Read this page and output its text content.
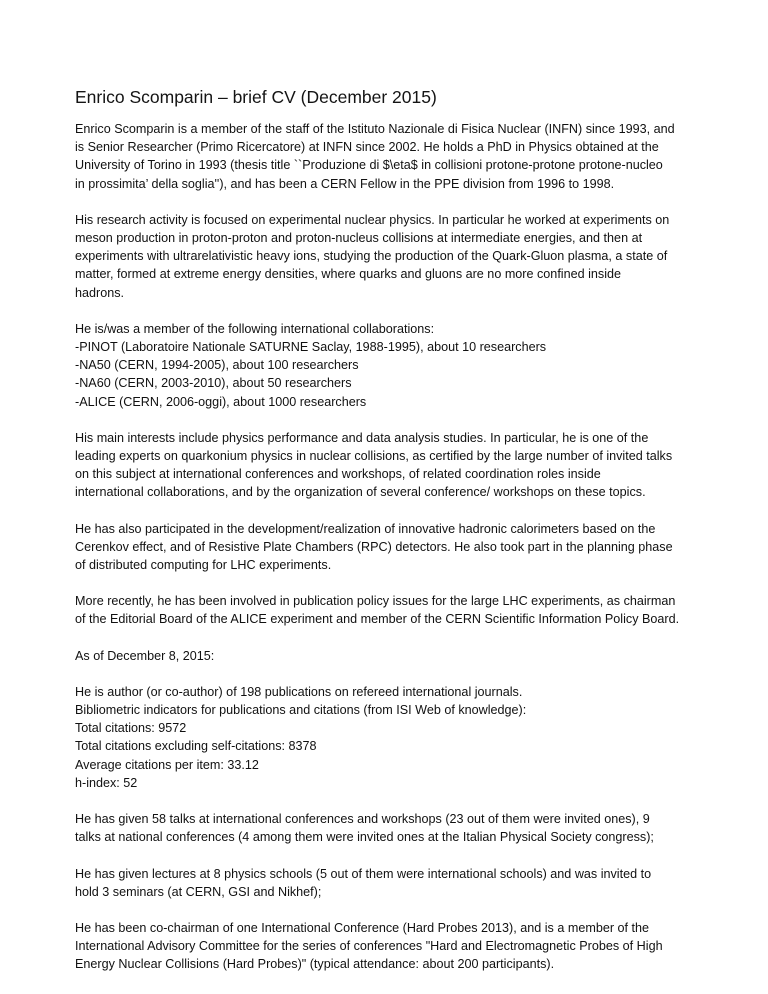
Enrico Scomparin – brief CV (December 2015)

Enrico Scomparin is a member of the staff of the Istituto Nazionale di Fisica Nuclear (INFN) since 1993, and
is Senior Researcher (Primo Ricercatore) at INFN since 2002. He holds a PhD in Physics obtained at the
University of Torino in 1993 (thesis title ``Produzione di $\eta$ in collisioni protone-protone protone-nucleo
in prossimita’ della soglia''), and has been a CERN Fellow in the PPE division from 1996 to 1998.

His research activity is focused on experimental nuclear physics. In particular he worked at experiments on
meson production in proton-proton and proton-nucleus collisions at intermediate energies, and then at
experiments with ultrarelativistic heavy ions, studying the production of the Quark-Gluon plasma, a state of
matter, formed at extreme energy densities, where quarks and gluons are no more confined inside
hadrons.

He is/was a member of the following international collaborations:
-PINOT (Laboratoire Nationale SATURNE Saclay, 1988-1995), about 10 researchers
-NA50 (CERN, 1994-2005), about 100 researchers
-NA60 (CERN, 2003-2010), about 50 researchers
-ALICE (CERN, 2006-oggi), about 1000 researchers

His main interests include physics performance and data analysis studies. In particular, he is one of the
leading experts on quarkonium physics in nuclear collisions, as certified by the large number of invited talks
on this subject at international conferences and workshops, of related coordination roles inside
international collaborations, and by the organization of several conference/ workshops on these topics.

He has also participated in the development/realization of innovative hadronic calorimeters based on the
Cerenkov effect, and of Resistive Plate Chambers (RPC) detectors. He also took part in the planning phase
of distributed computing for LHC experiments.

More recently, he has been involved in publication policy issues for the large LHC experiments, as chairman
of the Editorial Board of the ALICE experiment and member of the CERN Scientific Information Policy Board.

As of December 8, 2015:

He is author (or co-author) of 198 publications on refereed international journals.
Bibliometric indicators for publications and citations (from ISI Web of knowledge):
Total citations: 9572
Total citations excluding self-citations: 8378
Average citations per item: 33.12
h-index: 52

He has given 58 talks at international conferences and workshops (23 out of them were invited ones), 9
talks at national conferences (4 among them were invited ones at the Italian Physical Society congress);

He has given lectures at 8 physics schools (5 out of them were international schools) and was invited to
hold 3 seminars (at CERN, GSI and Nikhef);

He has been co-chairman of one International Conference (Hard Probes 2013), and is a member of the
International Advisory Committee for the series of conferences "Hard and Electromagnetic Probes of High
Energy Nuclear Collisions (Hard Probes)" (typical attendance: about 200 participants).
